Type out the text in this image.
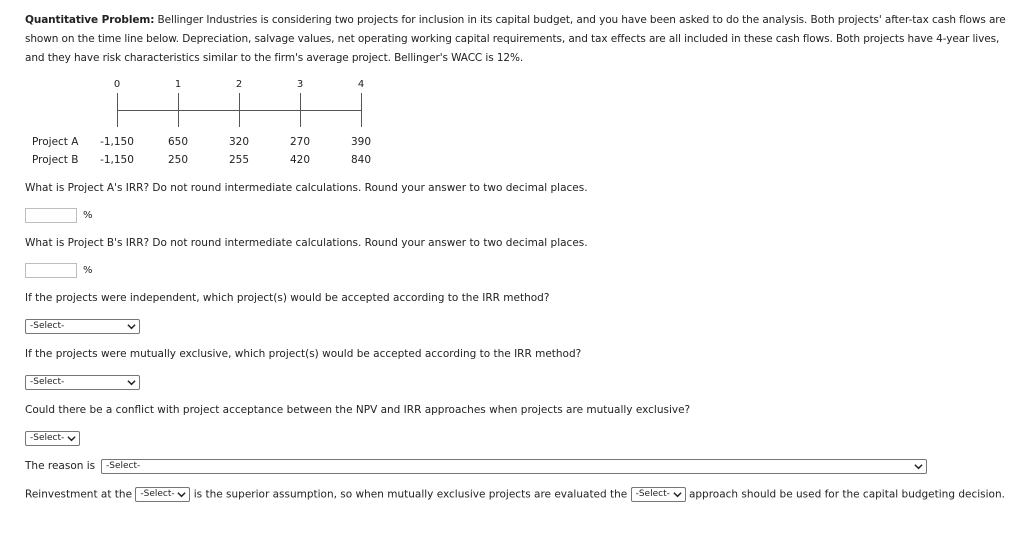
Quantitative Problem: Bellinger Industries is considering two projects for inclusion in its capital budget, and you have been asked to do the analysis. Both projects' after-tax cash flows are shown on the time line below. Depreciation, salvage values, net operating working capital requirements, and tax effects are all included in these cash flows. Both projects have 4-year lives, and they have risk characteristics similar to the firm's average project. Bellinger's WACC is 12%.
0	1	2	3	4
Project A	-1,150	650	320	270	390
Project B	-1,150	250	255	420	840
What is Project A's IRR? Do not round intermediate calculations. Round your answer to two decimal places.
%
What is Project B's IRR? Do not round intermediate calculations. Round your answer to two decimal places.
%
If the projects were independent, which project(s) would be accepted according to the IRR method?
-Select-
If the projects were mutually exclusive, which project(s) would be accepted according to the IRR method?
-Select-
Could there be a conflict with project acceptance between the NPV and IRR approaches when projects are mutually exclusive?
-Select-
The reason is	-Select-
Reinvestment at the -Select- is the superior assumption, so when mutually exclusive projects are evaluated the -Select- approach should be used for the capital budgeting decision.
